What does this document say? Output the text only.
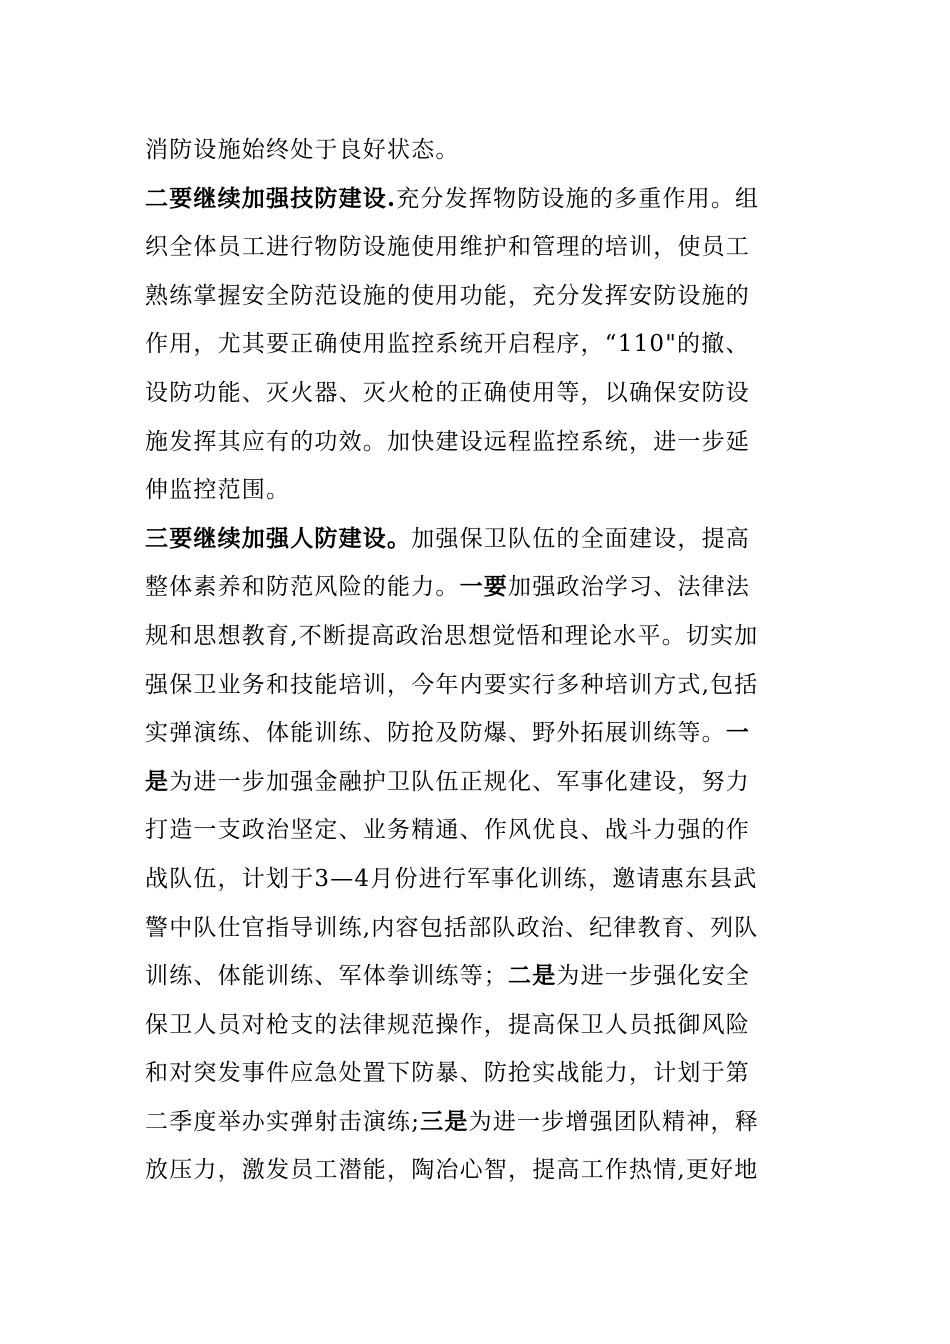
消防设施始终处于良好状态。
二要继续加强技防建设.充分发挥物防设施的多重作用。组
织全体员工进行物防设施使用维护和管理的培训，使员工
熟练掌握安全防范设施的使用功能，充分发挥安防设施的
作用，尤其要正确使用监控系统开启程序，“110"的撤、
设防功能、灭火器、灭火枪的正确使用等，以确保安防设
施发挥其应有的功效。加快建设远程监控系统，进一步延
伸监控范围。
三要继续加强人防建设。加强保卫队伍的全面建设，提高
整体素养和防范风险的能力。一要加强政治学习、法律法
规和思想教育,不断提高政治思想觉悟和理论水平。切实加
强保卫业务和技能培训，今年内要实行多种培训方式,包括
实弹演练、体能训练、防抢及防爆、野外拓展训练等。一
是为进一步加强金融护卫队伍正规化、军事化建设，努力
打造一支政治坚定、业务精通、作风优良、战斗力强的作
战队伍，计划于3—4月份进行军事化训练，邀请惠东县武
警中队仕官指导训练,内容包括部队政治、纪律教育、列队
训练、体能训练、军体拳训练等；二是为进一步强化安全
保卫人员对枪支的法律规范操作，提高保卫人员抵御风险
和对突发事件应急处置下防暴、防抢实战能力，计划于第
二季度举办实弹射击演练;三是为进一步增强团队精神，释
放压力，激发员工潜能，陶冶心智，提高工作热情,更好地
